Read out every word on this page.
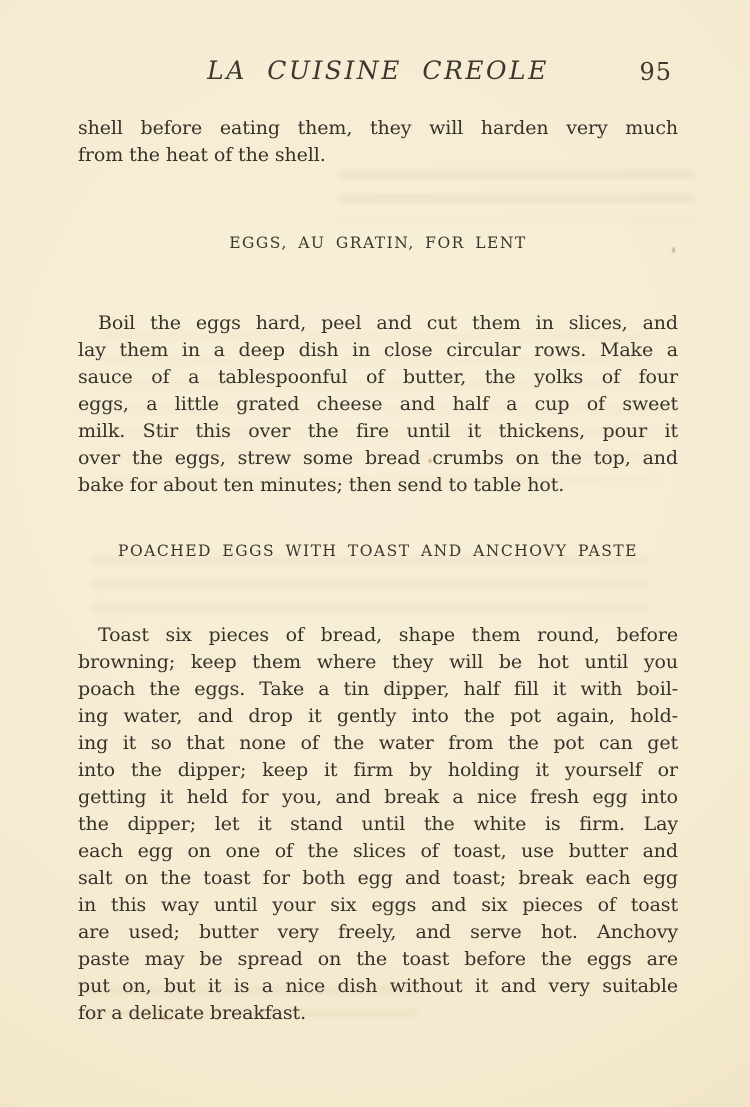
LA CUISINE CREOLE	95
shell before eating them, they will harden very much
from the heat of the shell.
EGGS, AU GRATIN, FOR LENT
Boil the eggs hard, peel and cut them in slices, and
lay them in a deep dish in close circular rows. Make a
sauce of a tablespoonful of butter, the yolks of four
eggs, a little grated cheese and half a cup of sweet
milk. Stir this over the fire until it thickens, pour it
over the eggs, strew some bread crumbs on the top, and
bake for about ten minutes; then send to table hot.
POACHED EGGS WITH TOAST AND ANCHOVY PASTE
Toast six pieces of bread, shape them round, before
browning; keep them where they will be hot until you
poach the eggs. Take a tin dipper, half fill it with boil-
ing water, and drop it gently into the pot again, hold-
ing it so that none of the water from the pot can get
into the dipper; keep it firm by holding it yourself or
getting it held for you, and break a nice fresh egg into
the dipper; let it stand until the white is firm. Lay
each egg on one of the slices of toast, use butter and
salt on the toast for both egg and toast; break each egg
in this way until your six eggs and six pieces of toast
are used; butter very freely, and serve hot. Anchovy
paste may be spread on the toast before the eggs are
put on, but it is a nice dish without it and very suitable
for a delicate breakfast.
